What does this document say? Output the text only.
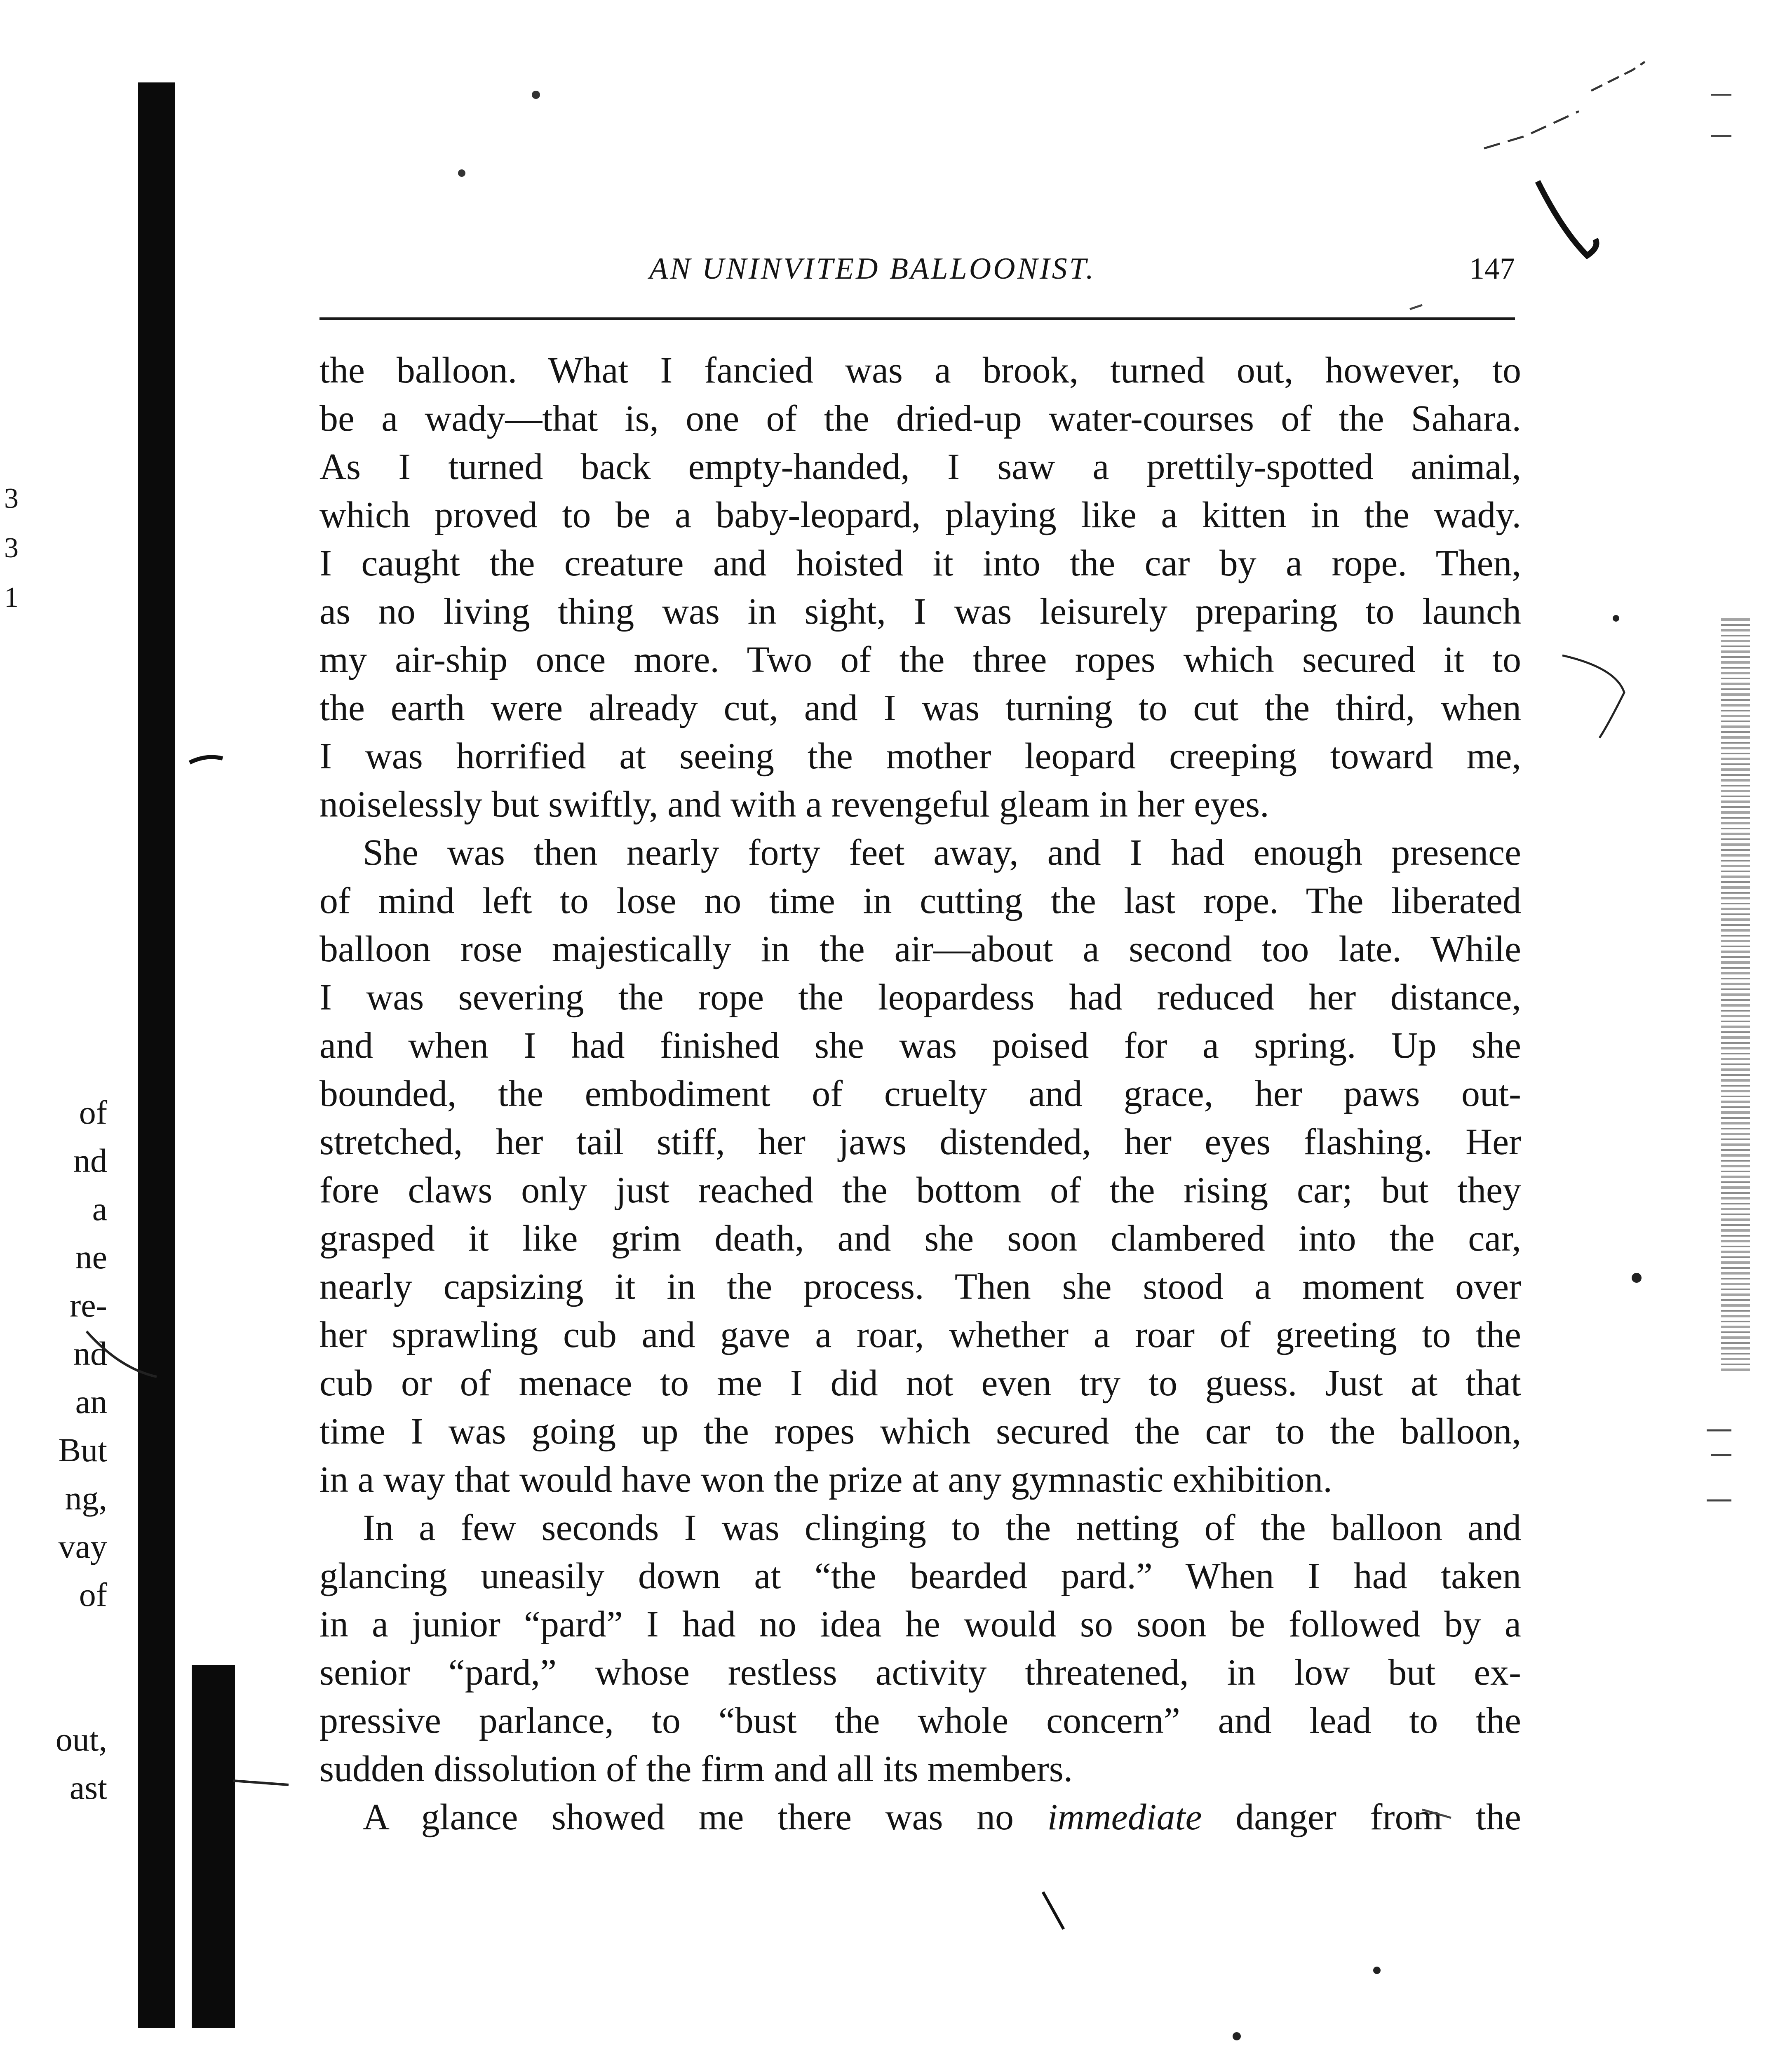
AN UNINVITED BALLOONIST.	147
the balloon. What I fancied was a brook, turned out, however, to
be a wady—that is, one of the dried-up water-courses of the Sahara.
As I turned back empty-handed, I saw a prettily-spotted animal,
which proved to be a baby-leopard, playing like a kitten in the wady.
I caught the creature and hoisted it into the car by a rope. Then,
as no living thing was in sight, I was leisurely preparing to launch
my air-ship once more. Two of the three ropes which secured it to
the earth were already cut, and I was turning to cut the third, when
I was horrified at seeing the mother leopard creeping toward me,
noiselessly but swiftly, and with a revengeful gleam in her eyes.
She was then nearly forty feet away, and I had enough presence
of mind left to lose no time in cutting the last rope. The liberated
balloon rose majestically in the air—about a second too late. While
I was severing the rope the leopardess had reduced her distance,
and when I had finished she was poised for a spring. Up she
bounded, the embodiment of cruelty and grace, her paws out-
stretched, her tail stiff, her jaws distended, her eyes flashing. Her
fore claws only just reached the bottom of the rising car; but they
grasped it like grim death, and she soon clambered into the car,
nearly capsizing it in the process. Then she stood a moment over
her sprawling cub and gave a roar, whether a roar of greeting to the
cub or of menace to me I did not even try to guess. Just at that
time I was going up the ropes which secured the car to the balloon,
in a way that would have won the prize at any gymnastic exhibition.
In a few seconds I was clinging to the netting of the balloon and
glancing uneasily down at “the bearded pard.” When I had taken
in a junior “pard” I had no idea he would so soon be followed by a
senior “pard,” whose restless activity threatened, in low but ex-
pressive parlance, to “bust the whole concern” and lead to the
sudden dissolution of the firm and all its members.
A glance showed me there was no immediate danger from the
3
3
1
of
nd
a
ne
re-
nd
an
But
ng,
vay
of
out,
ast
